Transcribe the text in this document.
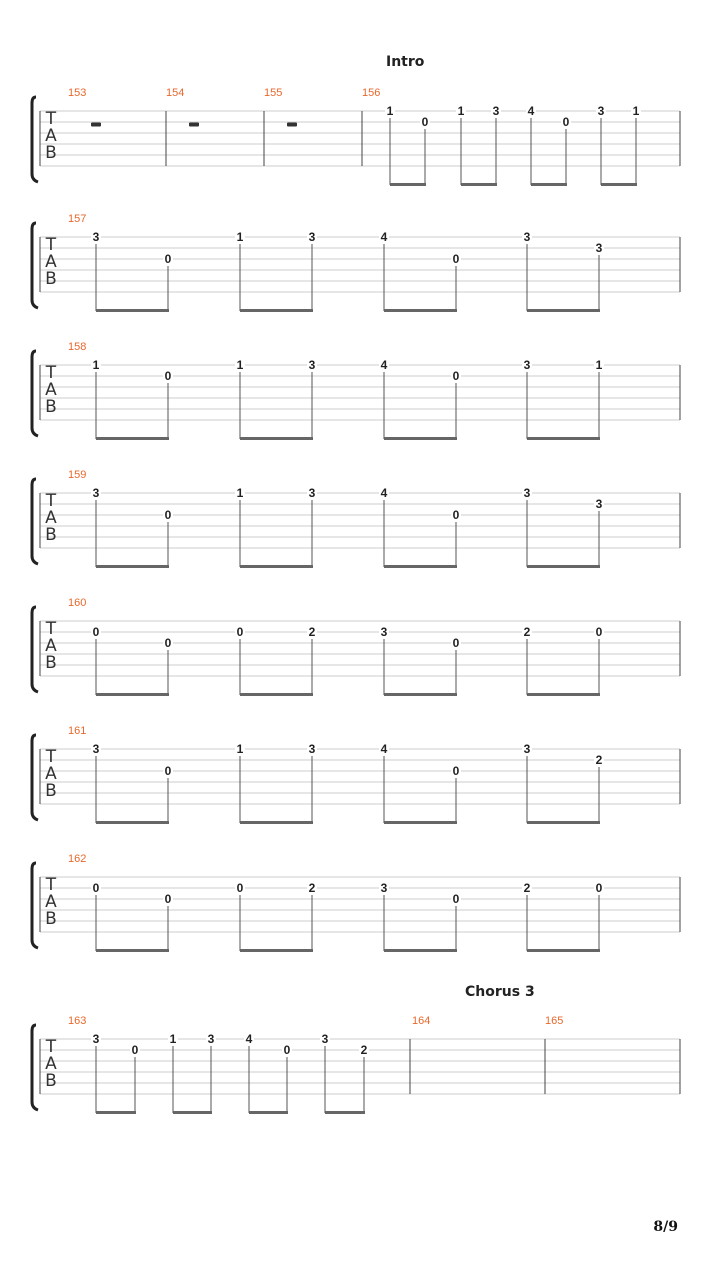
Intro
Chorus 3
T
A
B
153	154	155	156
1
0
1 3 4
0
3 1
T
A
B
157
3
0
1	3	4
0
3
3
T
A
B
158
1
0
1	3	4
0
3	1
T
A
B
159
3
0
1	3	4
0
3
3
T
A
B
160
0
0
0	2	3
0
2	0
T
A
B
161
3
0
1	3	4
0
3
2
T
A
B
162
0
0
0	2	3
0
2	0
T
A
B
163
3
0
1	3	4
0
3
2
164	165
8/9
